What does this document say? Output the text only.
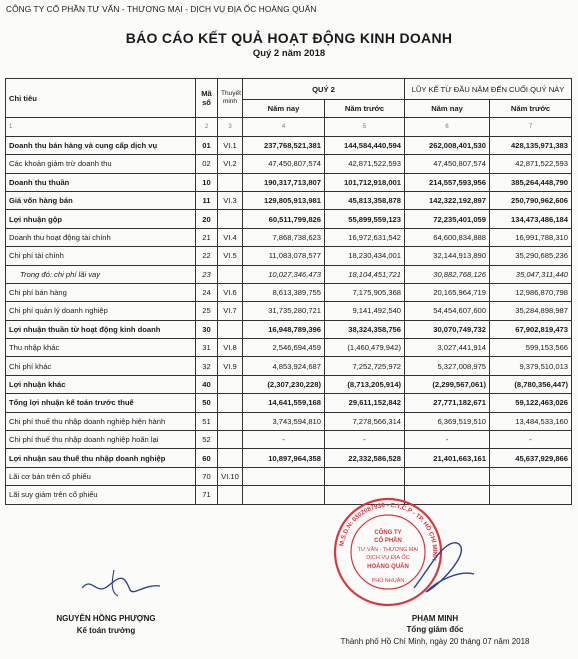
CÔNG TY CỔ PHẦN TƯ VẤN - THƯƠNG MẠI - DỊCH VỤ ĐỊA ỐC HOÀNG QUÂN
BÁO CÁO KẾT QUẢ HOẠT ĐỘNG KINH DOANH
Quý 2 năm 2018
Chỉ tiêu	Mã số	Thuyết minh	QUÝ 2		LŨY KẾ TỪ ĐẦU NĂM ĐẾN CUỐI QUÝ NÀY	
			Năm nay	Năm trước	Năm nay	Năm trước
1	2	3	4	5	6	7
Doanh thu bán hàng và cung cấp dịch vụ	01	VI.1	237,768,521,381	144,584,440,594	262,008,401,530	428,135,971,383
Các khoản giảm trừ doanh thu	02	VI.2	47,450,807,574	42,871,522,593	47,450,807,574	42,871,522,593
Doanh thu thuần	10		190,317,713,807	101,712,918,001	214,557,593,956	385,264,448,790
Giá vốn hàng bán	11	VI.3	129,805,913,981	45,813,358,878	142,322,192,897	250,790,962,606
Lợi nhuận gộp	20		60,511,799,826	55,899,559,123	72,235,401,059	134,473,486,184
Doanh thu hoạt động tài chính	21	VI.4	7,868,738,623	16,972,631,542	64,600,834,888	16,991,788,310
Chi phí tài chính	22	VI.5	11,083,078,577	18,230,434,001	32,144,913,890	35,290,685,236
Trong đó: chi phí lãi vay	23		10,027,346,473	18,104,451,721	30,882,768,126	35,047,311,440
Chi phí bán hàng	24	VI.6	8,613,389,755	7,175,905,368	20,165,964,719	12,986,870,798
Chi phí quản lý doanh nghiệp	25	VI.7	31,735,280,721	9,141,492,540	54,454,607,600	35,284,898,987
Lợi nhuận thuần từ hoạt động kinh doanh	30		16,948,789,396	38,324,358,756	30,070,749,732	67,902,819,473
Thu nhập khác	31	VI.8	2,546,694,459	(1,460,479,942)	3,027,441,914	599,153,566
Chi phí khác	32	VI.9	4,853,924,687	7,252,725,972	5,327,008,975	9,379,510,013
Lợi nhuận khác	40		(2,307,230,228)	(8,713,205,914)	(2,299,567,061)	(8,780,356,447)
Tổng lợi nhuận kế toán trước thuế	50		14,641,559,168	29,611,152,842	27,771,182,671	59,122,463,026
Chi phí thuế thu nhập doanh nghiệp hiện hành	51		3,743,594,810	7,278,566,314	6,369,519,510	13,484,533,160
Chi phí thuế thu nhập doanh nghiệp hoãn lại	52		-	-	-	-
Lợi nhuận sau thuế thu nhập doanh nghiệp	60		10,897,964,358	22,332,586,528	21,401,663,161	45,637,929,866
Lãi cơ bản trên cổ phiếu	70	VI.10				
Lãi suy giảm trên cổ phiếu	71					
M.S.D.N: 0302087938 - C.T.C.P - TP. HỒ CHÍ MINH
CÔNG TY
CỔ PHẦN
TƯ VẤN - THƯƠNG MẠI
DỊCH VỤ ĐỊA ỐC
HOÀNG QUÂN
PHÚ NHUẬN
NGUYỄN HỒNG PHƯỢNG
Kế toán trưởng
PHẠM MINH
Tổng giám đốc
Thành phố Hồ Chí Minh, ngày 20 tháng 07 năm 2018
